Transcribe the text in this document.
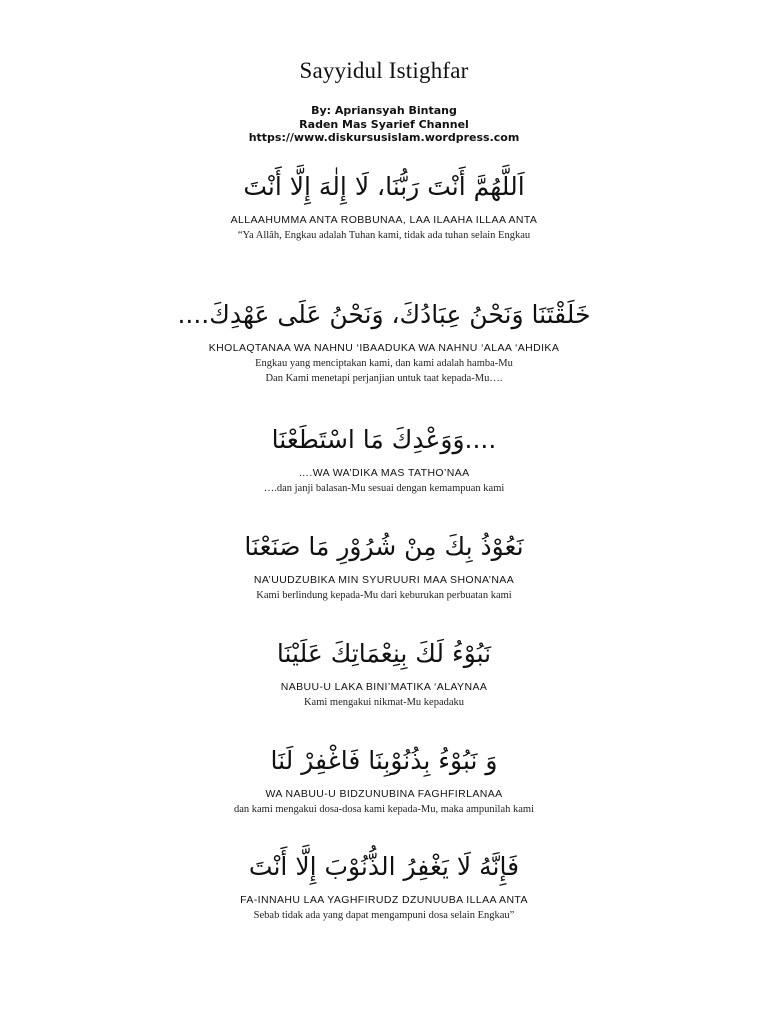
Sayyidul Istighfar
By: Apriansyah Bintang
Raden Mas Syarief Channel
https://www.diskursusislam.wordpress.com
اَللَّهُمَّ أَنْتَ رَبُّنَا، لَا إِلٰهَ إِلَّا أَنْتَ
ALLAAHUMMA ANTA ROBBUNAA, LAA ILAAHA ILLAA ANTA
“Ya Allâh, Engkau adalah Tuhan kami, tidak ada tuhan selain Engkau
خَلَقْتَنَا وَنَحْنُ عِبَادُكَ، وَنَحْنُ عَلَى عَهْدِكَ....
KHOLAQTANAA WA NAHNU ‘IBAADUKA WA NAHNU ‘ALAA ‘AHDIKA
Engkau yang menciptakan kami, dan kami adalah hamba-Mu
Dan Kami menetapi perjanjian untuk taat kepada-Mu….
....وَوَعْدِكَ مَا اسْتَطَعْنَا
….WA WA’DIKA MAS TATHO’NAA
….dan janji balasan-Mu sesuai dengan kemampuan kami
نَعُوْذُ بِكَ مِنْ شُرُوْرِ مَا صَنَعْنَا
NA’UUDZUBIKA MIN SYURUURI MAA SHONA’NAA
Kami berlindung kepada-Mu dari keburukan perbuatan kami
نَبُوْءُ لَكَ بِنِعْمَاتِكَ عَلَيْنَا
NABUU-U LAKA BINI’MATIKA ‘ALAYNAA
Kami mengakui nikmat-Mu kepadaku
وَ نَبُوْءُ بِذُنُوْبِنَا فَاغْفِرْ لَنَا
WA NABUU-U BIDZUNUBINA FAGHFIRLANAA
dan kami mengakui dosa-dosa kami kepada-Mu, maka ampunilah kami
فَإِنَّهُ لَا يَغْفِرُ الذُّنُوْبَ إِلَّا أَنْتَ
FA-INNAHU LAA YAGHFIRUDZ DZUNUUBA ILLAA ANTA
Sebab tidak ada yang dapat mengampuni dosa selain Engkau”
